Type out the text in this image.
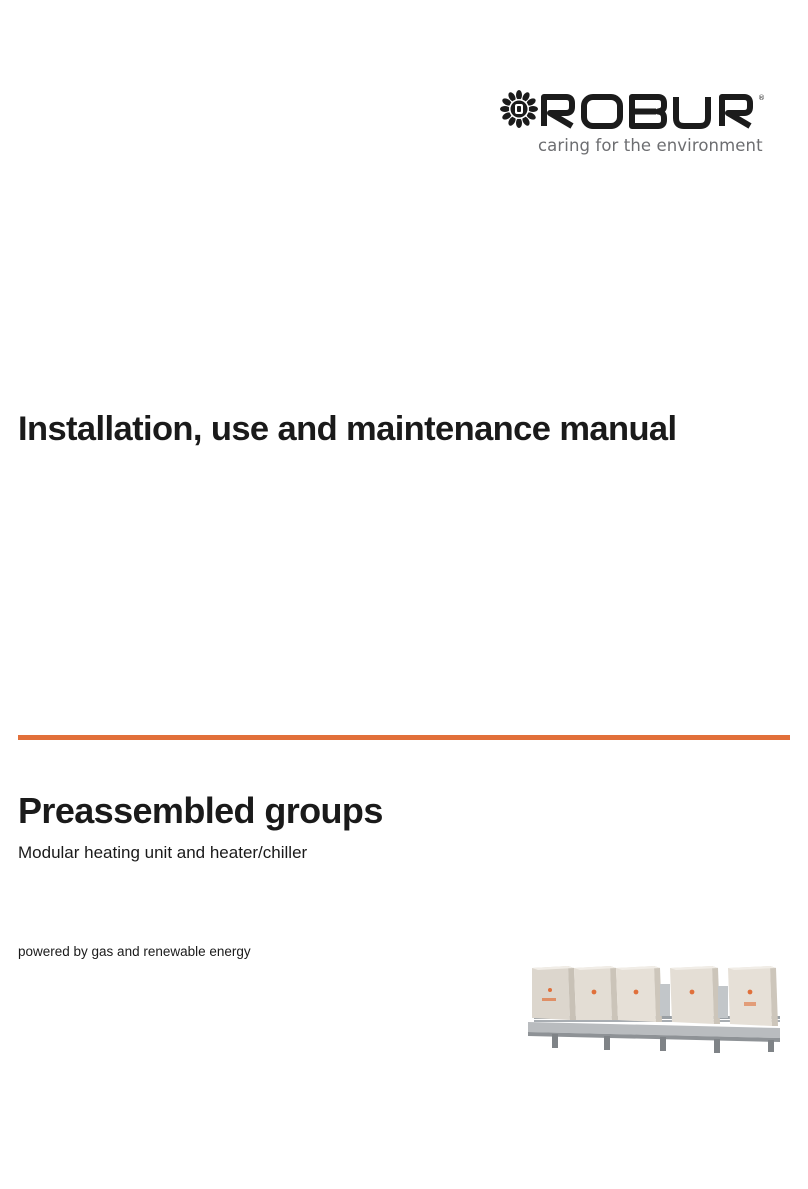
®
caring for the environment
Installation, use and maintenance manual
Preassembled groups

Modular heating unit and heater/chiller

powered by gas and renewable energy
